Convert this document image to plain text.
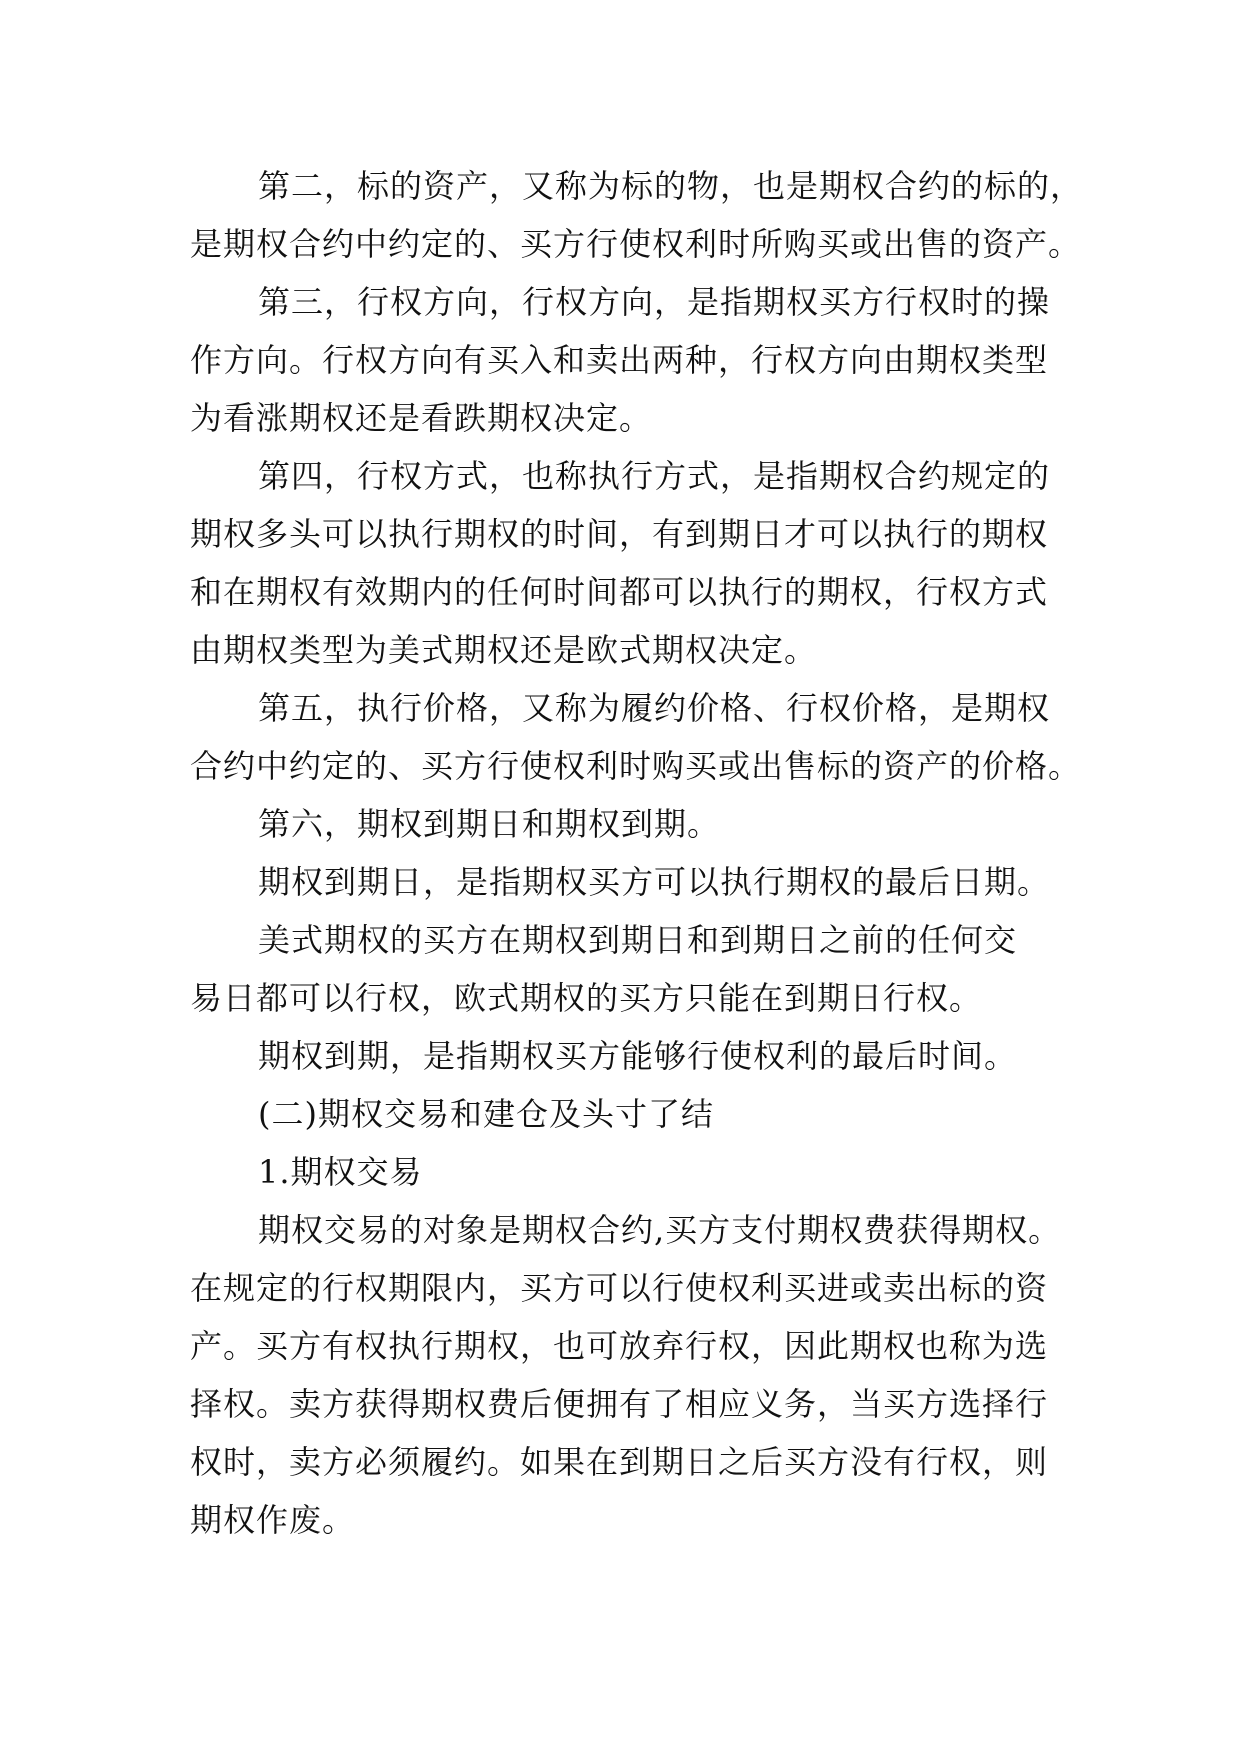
第二，标的资产，又称为标的物，也是期权合约的标的，
是期权合约中约定的、买方行使权利时所购买或出售的资产。
第三，行权方向，行权方向，是指期权买方行权时的操
作方向。行权方向有买入和卖出两种，行权方向由期权类型
为看涨期权还是看跌期权决定。
第四，行权方式，也称执行方式，是指期权合约规定的
期权多头可以执行期权的时间，有到期日才可以执行的期权
和在期权有效期内的任何时间都可以执行的期权，行权方式
由期权类型为美式期权还是欧式期权决定。
第五，执行价格，又称为履约价格、行权价格，是期权
合约中约定的、买方行使权利时购买或出售标的资产的价格。
第六，期权到期日和期权到期。
期权到期日，是指期权买方可以执行期权的最后日期。
美式期权的买方在期权到期日和到期日之前的任何交
易日都可以行权，欧式期权的买方只能在到期日行权。
期权到期，是指期权买方能够行使权利的最后时间。
(二)期权交易和建仓及头寸了结
1.期权交易
期权交易的对象是期权合约,买方支付期权费获得期权。
在规定的行权期限内，买方可以行使权利买进或卖出标的资
产。买方有权执行期权，也可放弃行权，因此期权也称为选
择权。卖方获得期权费后便拥有了相应义务，当买方选择行
权时，卖方必须履约。如果在到期日之后买方没有行权，则
期权作废。
